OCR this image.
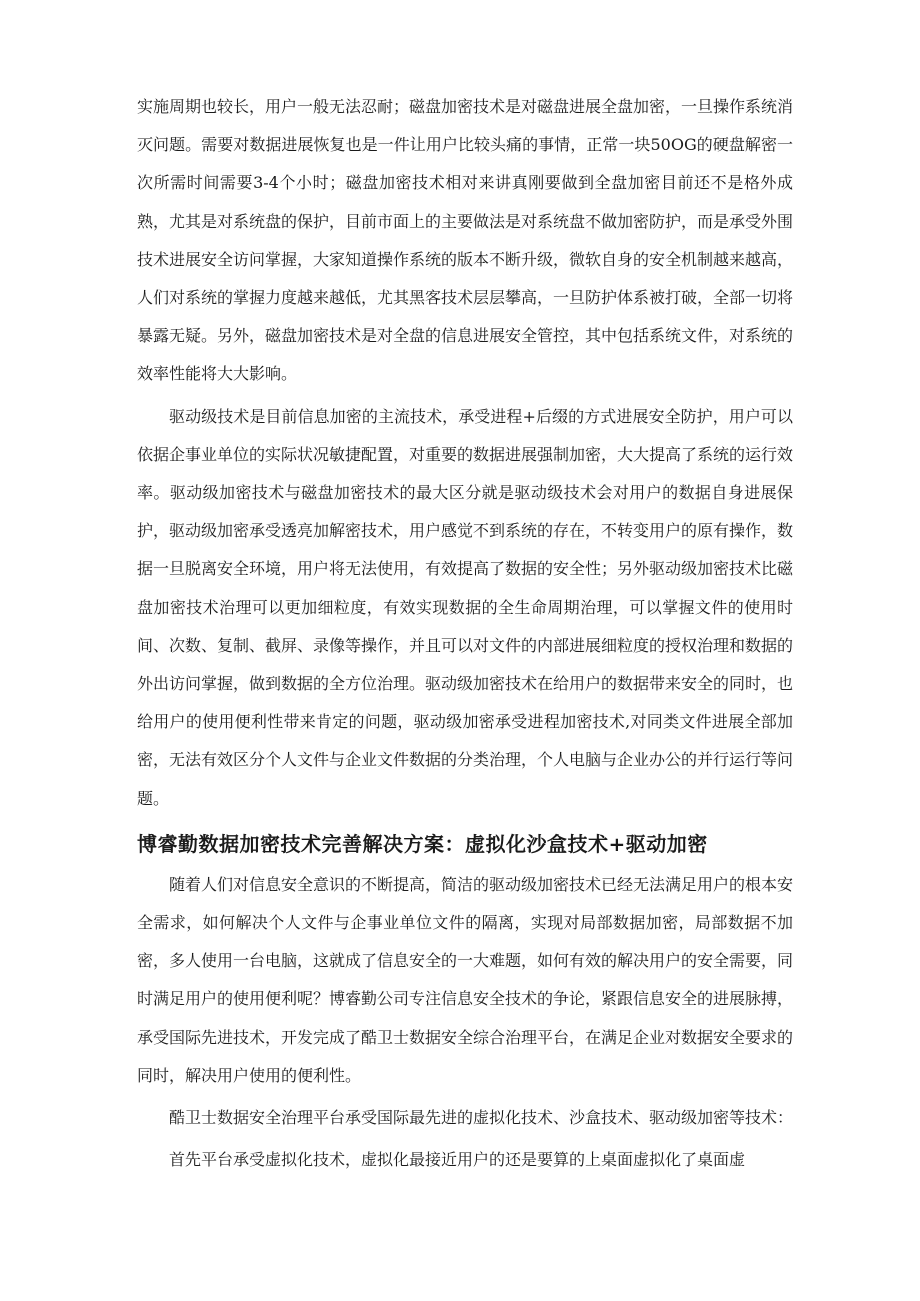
实施周期也较长，用户一般无法忍耐；磁盘加密技术是对磁盘进展全盘加密，一旦操作系统消灭问题。需要对数据进展恢复也是一件让用户比较头痛的事情，正常一块50OG的硬盘解密一次所需时间需要3-4个小时；磁盘加密技术相对来讲真刚要做到全盘加密目前还不是格外成熟，尤其是对系统盘的保护，目前市面上的主要做法是对系统盘不做加密防护，而是承受外围技术进展安全访问掌握，大家知道操作系统的版本不断升级，微软自身的安全机制越来越高，人们对系统的掌握力度越来越低，尤其黑客技术层层攀高，一旦防护体系被打破，全部一切将暴露无疑。另外，磁盘加密技术是对全盘的信息进展安全管控，其中包括系统文件，对系统的效率性能将大大影响。

驱动级技术是目前信息加密的主流技术，承受进程+后缀的方式进展安全防护，用户可以依据企事业单位的实际状况敏捷配置，对重要的数据进展强制加密，大大提高了系统的运行效率。驱动级加密技术与磁盘加密技术的最大区分就是驱动级技术会对用户的数据自身进展保护，驱动级加密承受透亮加解密技术，用户感觉不到系统的存在，不转变用户的原有操作，数据一旦脱离安全环境，用户将无法使用，有效提高了数据的安全性；另外驱动级加密技术比磁盘加密技术治理可以更加细粒度，有效实现数据的全生命周期治理，可以掌握文件的使用时间、次数、复制、截屏、录像等操作，并且可以对文件的内部进展细粒度的授权治理和数据的外出访问掌握，做到数据的全方位治理。驱动级加密技术在给用户的数据带来安全的同时，也给用户的使用便利性带来肯定的问题，驱动级加密承受进程加密技术,对同类文件进展全部加密，无法有效区分个人文件与企业文件数据的分类治理，个人电脑与企业办公的并行运行等问题。

博睿勤数据加密技术完善解决方案：虚拟化沙盒技术+驱动加密

随着人们对信息安全意识的不断提高，简洁的驱动级加密技术已经无法满足用户的根本安全需求，如何解决个人文件与企事业单位文件的隔离，实现对局部数据加密，局部数据不加密，多人使用一台电脑，这就成了信息安全的一大难题，如何有效的解决用户的安全需要，同时满足用户的使用便利呢？博睿勤公司专注信息安全技术的争论，紧跟信息安全的进展脉搏，承受国际先进技术，开发完成了酷卫士数据安全综合治理平台，在满足企业对数据安全要求的同时，解决用户使用的便利性。

酷卫士数据安全治理平台承受国际最先进的虚拟化技术、沙盒技术、驱动级加密等技术：

首先平台承受虚拟化技术，虚拟化最接近用户的还是要算的上桌面虚拟化了桌面虚
